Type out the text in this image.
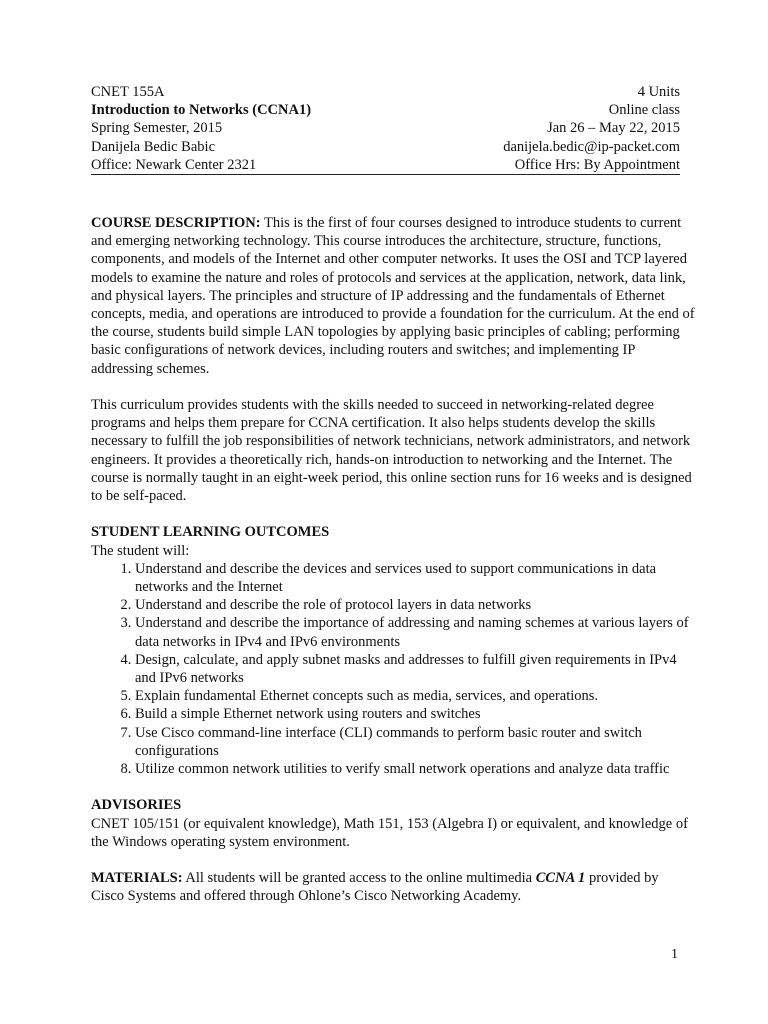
CNET 155A	4 Units
Introduction to Networks (CCNA1)	Online class
Spring Semester, 2015	Jan 26 – May 22, 2015
Danijela Bedic Babic	danijela.bedic@ip-packet.com
Office: Newark Center 2321	Office Hrs: By Appointment

COURSE DESCRIPTION: This is the first of four courses designed to introduce students to current and emerging networking technology. This course introduces the architecture, structure, functions, components, and models of the Internet and other computer networks. It uses the OSI and TCP layered models to examine the nature and roles of protocols and services at the application, network, data link, and physical layers. The principles and structure of IP addressing and the fundamentals of Ethernet concepts, media, and operations are introduced to provide a foundation for the curriculum. At the end of the course, students build simple LAN topologies by applying basic principles of cabling; performing basic configurations of network devices, including routers and switches; and implementing IP addressing schemes.

This curriculum provides students with the skills needed to succeed in networking-related degree programs and helps them prepare for CCNA certification. It also helps students develop the skills necessary to fulfill the job responsibilities of network technicians, network administrators, and network engineers. It provides a theoretically rich, hands-on introduction to networking and the Internet. The course is normally taught in an eight-week period, this online section runs for 16 weeks and is designed to be self-paced.

STUDENT LEARNING OUTCOMES

The student will:

1. Understand and describe the devices and services used to support communications in data networks and the Internet
2. Understand and describe the role of protocol layers in data networks
3. Understand and describe the importance of addressing and naming schemes at various layers of data networks in IPv4 and IPv6 environments
4. Design, calculate, and apply subnet masks and addresses to fulfill given requirements in IPv4 and IPv6 networks
5. Explain fundamental Ethernet concepts such as media, services, and operations.
6. Build a simple Ethernet network using routers and switches
7. Use Cisco command-line interface (CLI) commands to perform basic router and switch configurations
8. Utilize common network utilities to verify small network operations and analyze data traffic

ADVISORIES

CNET 105/151 (or equivalent knowledge), Math 151, 153 (Algebra I) or equivalent, and knowledge of the Windows operating system environment.

MATERIALS: All students will be granted access to the online multimedia CCNA 1 provided by Cisco Systems and offered through Ohlone’s Cisco Networking Academy.

1
